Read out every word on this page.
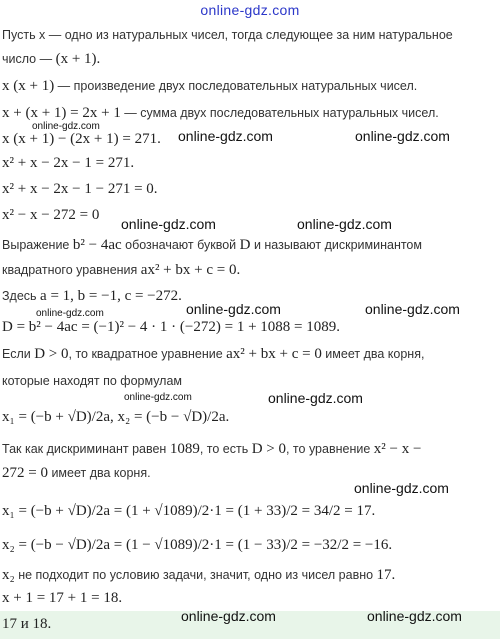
online-gdz.com
Пусть x — одно из натуральных чисел, тогда следующее за ним натуральное
число — (x + 1).
x (x + 1) — произведение двух последовательных натуральных чисел.
x + (x + 1) = 2x + 1 — сумма двух последовательных натуральных чисел.
x (x + 1) − (2x + 1) = 271.
x² + x − 2x − 1 = 271.
x² + x − 2x − 1 − 271 = 0.
x² − x − 272 = 0
Выражение b² − 4ac обозначают буквой D и называют дискриминантом
квадратного уравнения ax² + bx + c = 0.
Здесь a = 1, b = −1, c = −272.
D = b² − 4ac = (−1)² − 4 · 1 · (−272) = 1 + 1088 = 1089.
Если D > 0, то квадратное уравнение ax² + bx + c = 0 имеет два корня,
которые находят по формулам
x₁ = (−b + √D)/2a, x₂ = (−b − √D)/2a.
Так как дискриминант равен 1089, то есть D > 0, то уравнение x² − x −
272 = 0 имеет два корня.
x₁ = (−b + √D)/2a = (1 + √1089)/2·1 = (1 + 33)/2 = 34/2 = 17.
x₂ = (−b − √D)/2a = (1 − √1089)/2·1 = (1 − 33)/2 = −32/2 = −16.
x₂ не подходит по условию задачи, значит, одно из чисел равно 17.
x + 1 = 17 + 1 = 18.
17 и 18.
online-gdz.com
online-gdz.com	online-gdz.com
online-gdz.com	online-gdz.com
online-gdz.com	online-gdz.com	online-gdz.com
online-gdz.com	online-gdz.com
online-gdz.com
online-gdz.com	online-gdz.com
